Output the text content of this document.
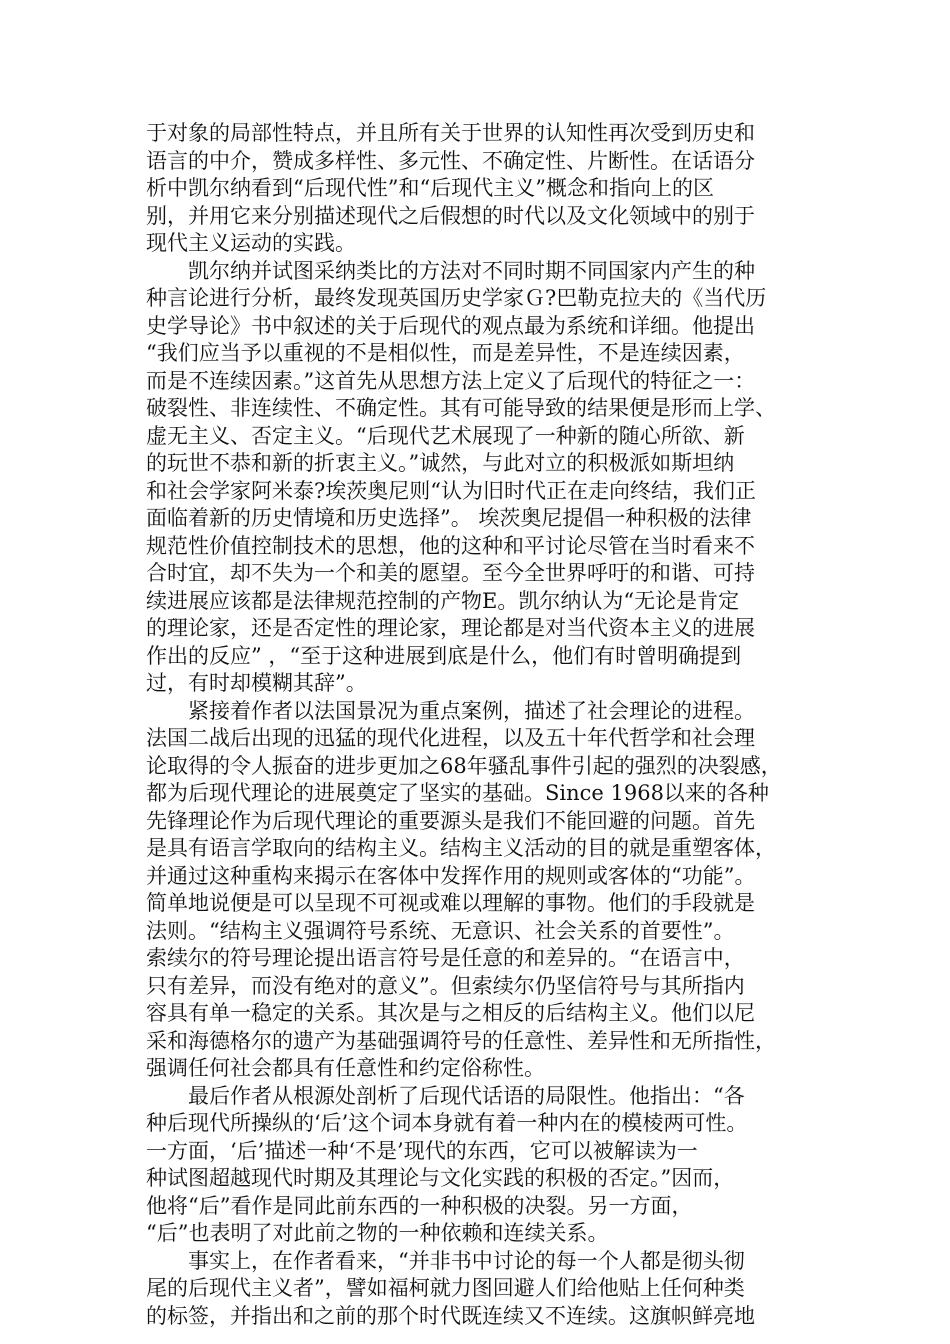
于对象的局部性特点，并且所有关于世界的认知性再次受到历史和
语言的中介，赞成多样性、多元性、不确定性、片断性。在话语分
析中凯尔纳看到“后现代性”和“后现代主义”概念和指向上的区
别，并用它来分别描述现代之后假想的时代以及文化领域中的别于
现代主义运动的实践。

　　凯尔纳并试图采纳类比的方法对不同时期不同国家内产生的种
种言论进行分析，最终发现英国历史学家Ｇ?巴勒克拉夫的《当代历
史学导论》书中叙述的关于后现代的观点最为系统和详细。他提出
“我们应当予以重视的不是相似性，而是差异性，不是连续因素，
而是不连续因素。”这首先从思想方法上定义了后现代的特征之一：
破裂性、非连续性、不确定性。其有可能导致的结果便是形而上学、
虚无主义、否定主义。“后现代艺术展现了一种新的随心所欲、新
的玩世不恭和新的折衷主义。”诚然，与此对立的积极派如斯坦纳
和社会学家阿米泰?埃茨奥尼则“认为旧时代正在走向终结，我们正
面临着新的历史情境和历史选择”。 埃茨奥尼提倡一种积极的法律
规范性价值控制技术的思想，他的这种和平讨论尽管在当时看来不
合时宜，却不失为一个和美的愿望。至今全世界呼吁的和谐、可持
续进展应该都是法律规范控制的产物E。凯尔纳认为“无论是肯定
的理论家，还是否定性的理论家，理论都是对当代资本主义的进展
作出的反应” ，“至于这种进展到底是什么，他们有时曾明确提到
过，有时却模糊其辞”。

　　紧接着作者以法国景况为重点案例，描述了社会理论的进程。
法国二战后出现的迅猛的现代化进程，以及五十年代哲学和社会理
论取得的令人振奋的进步更加之68年骚乱事件引起的强烈的决裂感，
都为后现代理论的进展奠定了坚实的基础。Since 1968以来的各种
先锋理论作为后现代理论的重要源头是我们不能回避的问题。首先
是具有语言学取向的结构主义。结构主义活动的目的就是重塑客体，
并通过这种重构来揭示在客体中发挥作用的规则或客体的“功能”。
简单地说便是可以呈现不可视或难以理解的事物。他们的手段就是
法则。“结构主义强调符号系统、无意识、社会关系的首要性”。
索续尔的符号理论提出语言符号是任意的和差异的。“在语言中，
只有差异，而没有绝对的意义”。但索续尔仍坚信符号与其所指内
容具有单一稳定的关系。其次是与之相反的后结构主义。他们以尼
采和海德格尔的遗产为基础强调符号的任意性、差异性和无所指性，
强调任何社会都具有任意性和约定俗称性。

　　最后作者从根源处剖析了后现代话语的局限性。他指出：“各
种后现代所操纵的‘后’这个词本身就有着一种内在的模棱两可性。
一方面，‘后’描述一种‘不是’现代的东西，它可以被解读为一
种试图超越现代时期及其理论与文化实践的积极的否定。”因而，
他将“后”看作是同此前东西的一种积极的决裂。另一方面，
“后”也表明了对此前之物的一种依赖和连续关系。

　　事实上，在作者看来，“并非书中讨论的每一个人都是彻头彻
尾的后现代主义者”，譬如福柯就力图回避人们给他贴上任何种类
的标签，并指出和之前的那个时代既连续又不连续。这旗帜鲜亮地
